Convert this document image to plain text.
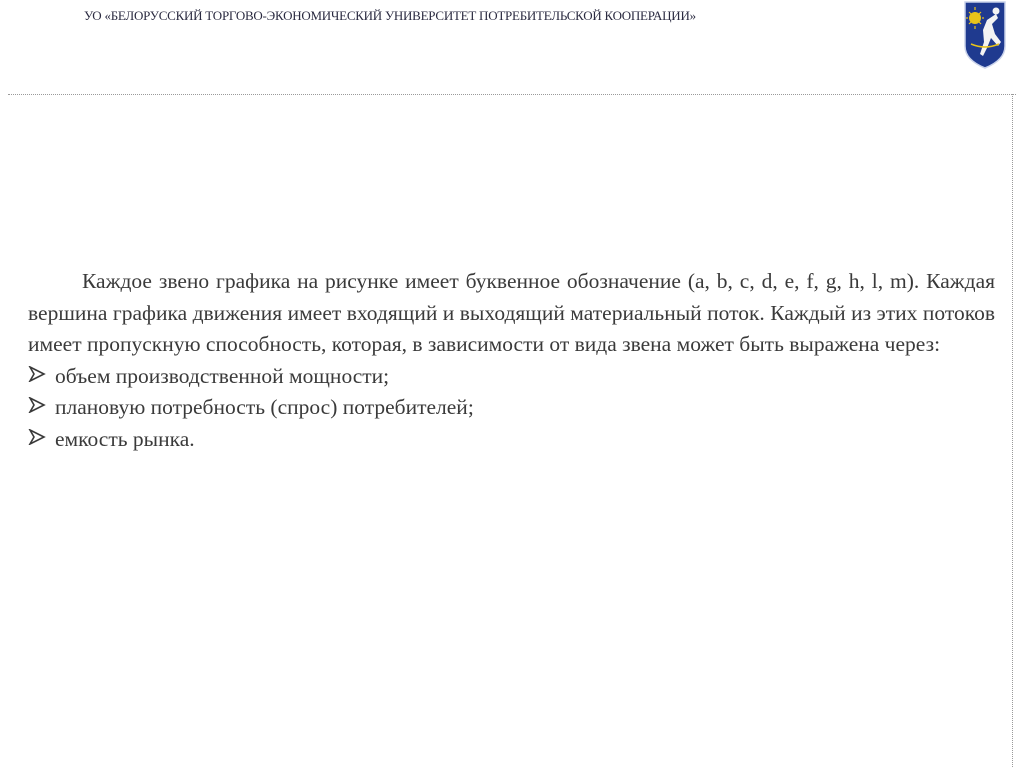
УО «БЕЛОРУССКИЙ ТОРГОВО-ЭКОНОМИЧЕСКИЙ УНИВЕРСИТЕТ ПОТРЕБИТЕЛЬСКОЙ КООПЕРАЦИИ»

Каждое звено графика на рисунке имеет буквенное обозначение (a, b, c, d, e, f, g, h, l, m). Каждая вершина графика движения имеет входящий и выходящий материальный поток. Каждый из этих потоков имеет пропускную способность, которая, в зависимости от вида звена может быть выражена через:

объем производственной мощности;
плановую потребность (спрос) потребителей;
емкость рынка.
